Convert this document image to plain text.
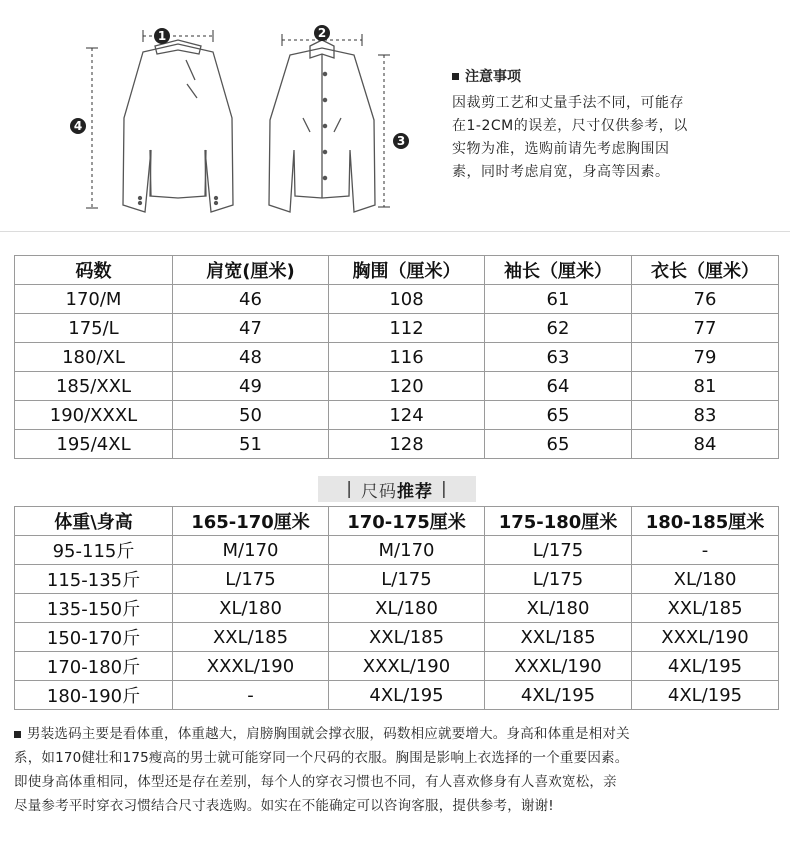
1	2
3
4
注意事项
因裁剪工艺和丈量手法不同，可能存
在1-2CM的误差，尺寸仅供参考，以
实物为准，选购前请先考虑胸围因
素，同时考虑肩宽，身高等因素。
码数	肩宽(厘米)	胸围（厘米）	袖长（厘米）	衣长（厘米）
170/M	46	108	61	76
175/L	47	112	62	77
180/XL	48	116	63	79
185/XXL	49	120	64	81
190/XXXL	50	124	65	83
195/4XL	51	128	65	84
| 尺码 推荐 |
体重\身高	165-170厘米	170-175厘米	175-180厘米	180-185厘米
95-115斤	M/170	M/170	L/175	-
115-135斤	L/175	L/175	L/175	XL/180
135-150斤	XL/180	XL/180	XL/180	XXL/185
150-170斤	XXL/185	XXL/185	XXL/185	XXXL/190
170-180斤	XXXL/190	XXXL/190	XXXL/190	4XL/195
180-190斤	-	4XL/195	4XL/195	4XL/195
男装选码主要是看体重，体重越大，肩膀胸围就会撑衣服，码数相应就要增大。身高和体重是相对关
系，如170健壮和175瘦高的男士就可能穿同一个尺码的衣服。胸围是影响上衣选择的一个重要因素。
即使身高体重相同，体型还是存在差别，每个人的穿衣习惯也不同，有人喜欢修身有人喜欢宽松，亲
尽量参考平时穿衣习惯结合尺寸表选购。如实在不能确定可以咨询客服，提供参考，谢谢!
